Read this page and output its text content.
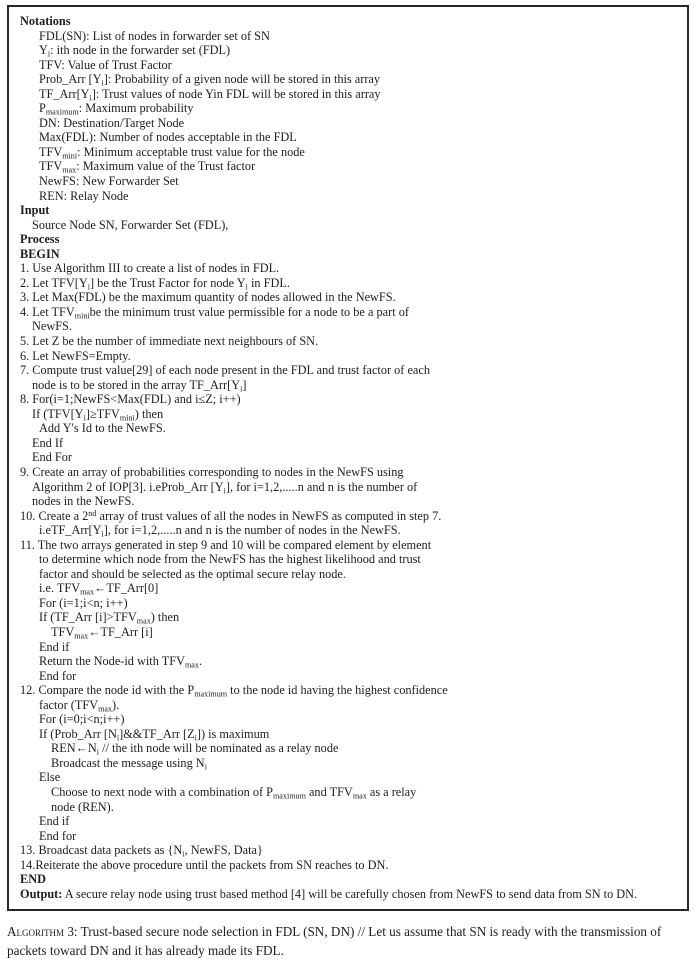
Notations
FDL(SN): List of nodes in forwarder set of SN
$Y_i$: ith node in the forwarder set (FDL)
TFV: Value of Trust Factor
Prob_Arr $[Y_i]$: Probability of a given node will be stored in this array
$TF\_Arr[Y_i]$: Trust values of node Yin FDL will be stored in this array
$P_{maximum}$: Maximum probability
DN: Destination/Target Node
Max(FDL): Number of nodes acceptable in the FDL
$TFV_{mini}$: Minimum acceptable trust value for the node
$TFV_{max}$: Maximum value of the Trust factor
NewFS: New Forwarder Set
REN: Relay Node
Input
Source Node SN, Forwarder Set (FDL),
Process
BEGIN
1. Use Algorithm III to create a list of nodes in FDL.
2. Let $TFV[Y_i]$ be the Trust Factor for node $Y_i$ in FDL.
3. Let Max(FDL) be the maximum quantity of nodes allowed in the NewFS.
4. Let $TFV_{mini}be$ the minimum trust value permissible for a node to be a part of
NewFS.
5. Let Z be the number of immediate next neighbours of SN.
6. Let NewFS=Empty.
7. Compute trust value[29] of each node present in the FDL and trust factor of each
node is to be stored in the array $TF\_Arr[Y_i]$
8. For(i=1;NewFS<Max(FDL) and i≤Z; i++)
If $(TFV[Y_i]\ge TFV_{mini})$ then
Add Y's Id to the NewFS.
End If
End For
9. Create an array of probabilities corresponding to nodes in the NewFS using
Algorithm 2 of IOP[3]. i.eProb_Arr $[Y_i]$, for i=1,2,.....n and n is the number of
nodes in the NewFS.
10. Create a 2nd array of trust values of all the nodes in NewFS as computed in step 7.
$i.eTF\_Arr[Y_i]$, for i=1,2,.....n and n is the number of nodes in the NewFS.
11. The two arrays generated in step 9 and 10 will be compared element by element
to determine which node from the NewFS has the highest likelihood and trust
factor and should be selected as the optimal secure relay node.
i.e. $TFV_{max}\leftarrow TF\_Arr[0]$
For (i=1;i<n; i++)
If (TF_Arr $[i]>TFV_{max}$) then
$TFV_{max}\leftarrow TF\_Arr$ [i]
End if
Return the Node-id with $TFV_{max}$.
End for
12. Compare the node id with the $P_{maximum}$ to the node id having the highest confidence
factor $(TFV_{max})$.
For (i=0;i<n;i++)
If (Prob_Arr $[N_i]\&\&TF\_Arr$ $[Z_i]$) is maximum
$REN\leftarrow N_i$ // the ith node will be nominated as a relay node
Broadcast the message using $N_i$
Else
Choose to next node with a combination of $P_{maximum}$ and $TFV_{max}$ as a relay
node (REN).
End if
End for
13. Broadcast data packets as {$N_i$, NewFS, Data}
14.Reiterate the above procedure until the packets from SN reaches to DN.
END
Output: A secure relay node using trust based method [4] will be carefully chosen from NewFS to send data from SN to DN.
Algorithm 3: Trust-based secure node selection in FDL (SN, DN) // Let us assume that SN is ready with the transmission of packets toward DN and it has already made its FDL.
